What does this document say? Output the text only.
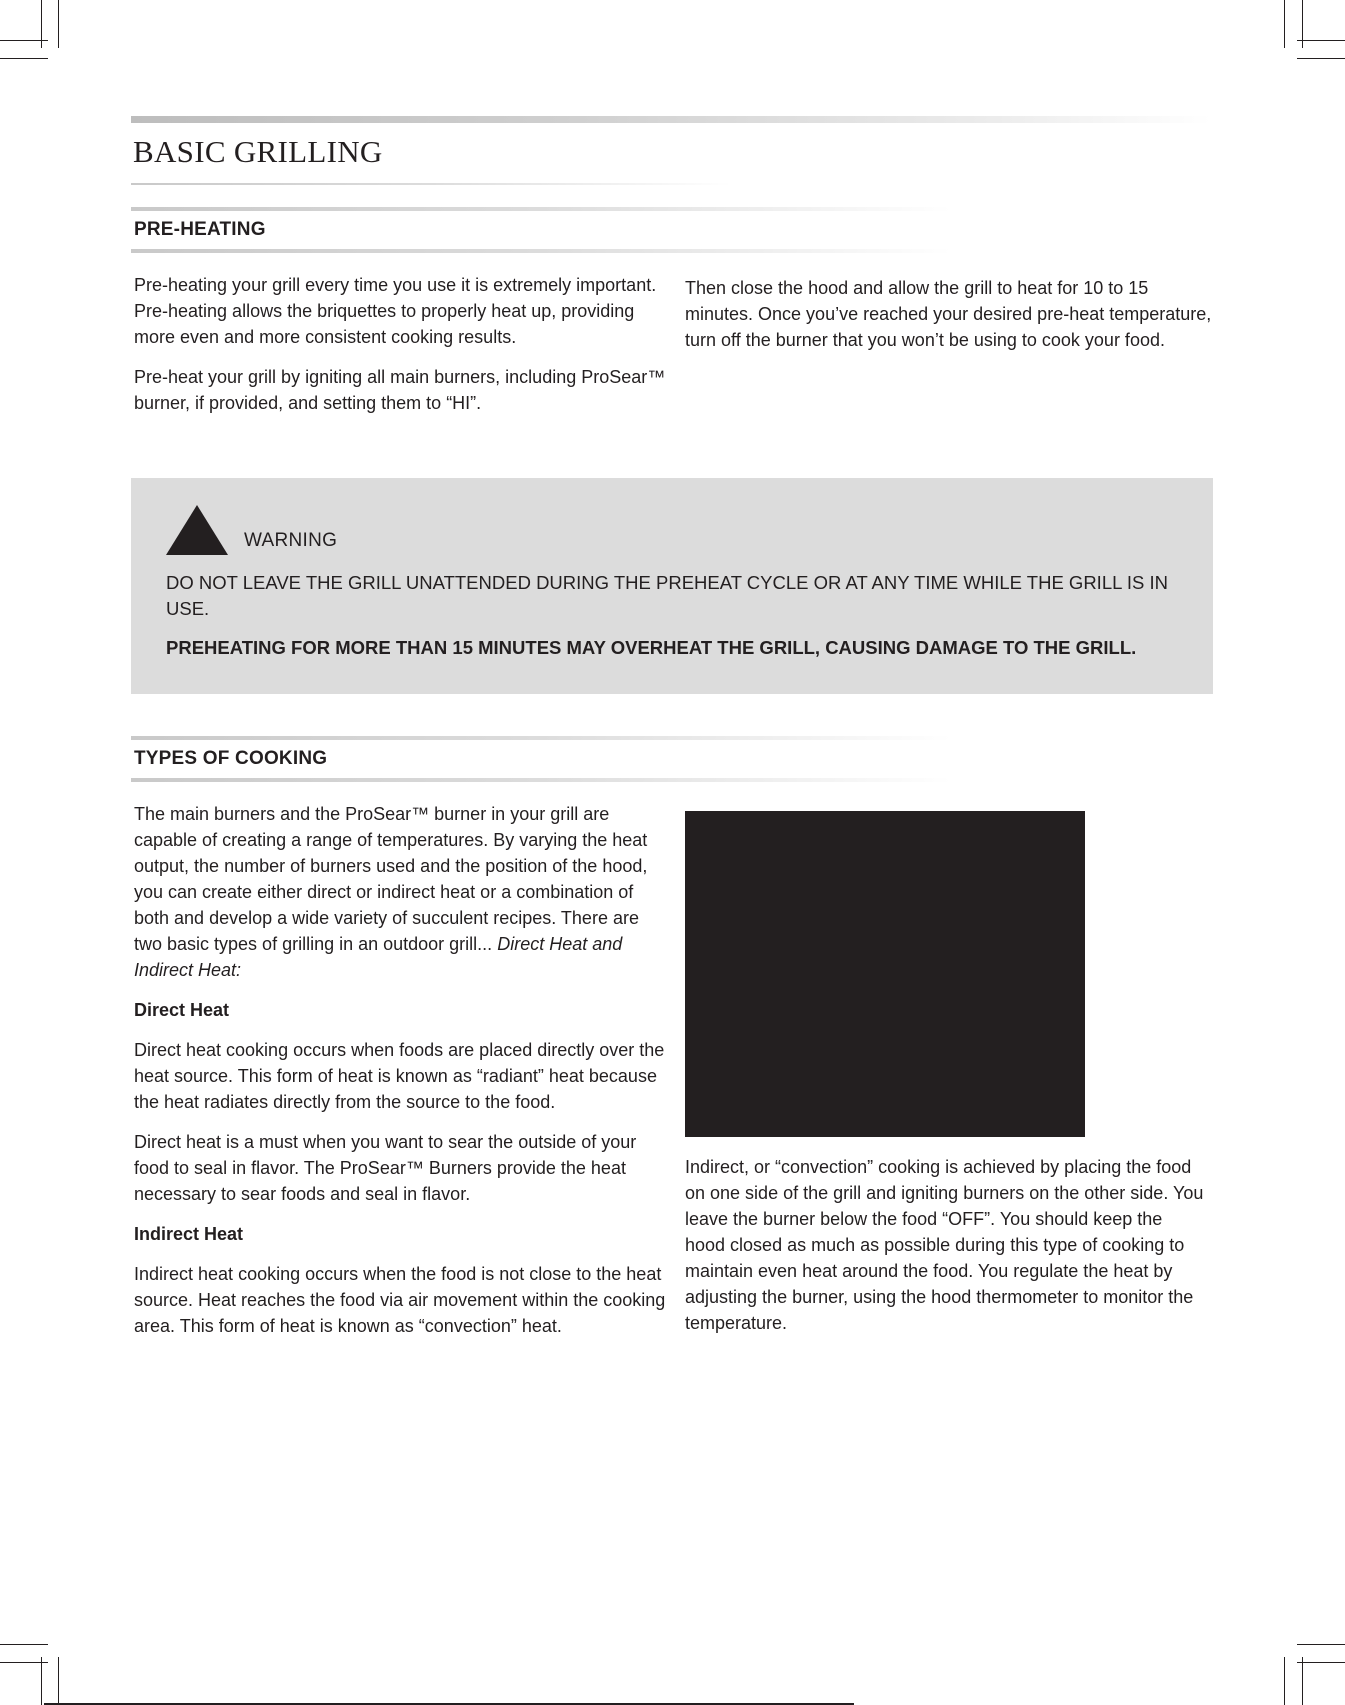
BASIC GRILLING
PRE-HEATING

Pre-heating your grill every time you use it is extremely important. Pre-heating allows the briquettes to properly heat up, providing more even and more consistent cooking results.

Pre-heat your grill by igniting all main burners, including ProSear™ burner, if provided, and setting them to “HI”.

Then close the hood and allow the grill to heat for 10 to 15 minutes. Once you’ve reached your desired pre-heat temperature, turn off the burner that you won’t be using to cook your food.

WARNING

DO NOT LEAVE THE GRILL UNATTENDED DURING THE PREHEAT CYCLE OR AT ANY TIME WHILE THE GRILL IS IN USE.

PREHEATING FOR MORE THAN 15 MINUTES MAY OVERHEAT THE GRILL, CAUSING DAMAGE TO THE GRILL.

TYPES OF COOKING

The main burners and the ProSear™ burner in your grill are capable of creating a range of temperatures. By varying the heat output, the number of burners used and the position of the hood, you can create either direct or indirect heat or a combination of both and develop a wide variety of succulent recipes. There are two basic types of grilling in an outdoor grill... Direct Heat and Indirect Heat:

Direct Heat

Direct heat cooking occurs when foods are placed directly over the heat source. This form of heat is known as “radiant” heat because the heat radiates directly from the source to the food.

Direct heat is a must when you want to sear the outside of your food to seal in flavor. The ProSear™ Burners provide the heat necessary to sear foods and seal in flavor.

Indirect Heat

Indirect heat cooking occurs when the food is not close to the heat source. Heat reaches the food via air movement within the cooking area. This form of heat is known as “convection” heat.

Indirect, or “convection” cooking is achieved by placing the food on one side of the grill and igniting burners on the other side. You leave the burner below the food “OFF”. You should keep the hood closed as much as possible during this type of cooking to maintain even heat around the food. You regulate the heat by adjusting the burner, using the hood thermometer to monitor the temperature.
